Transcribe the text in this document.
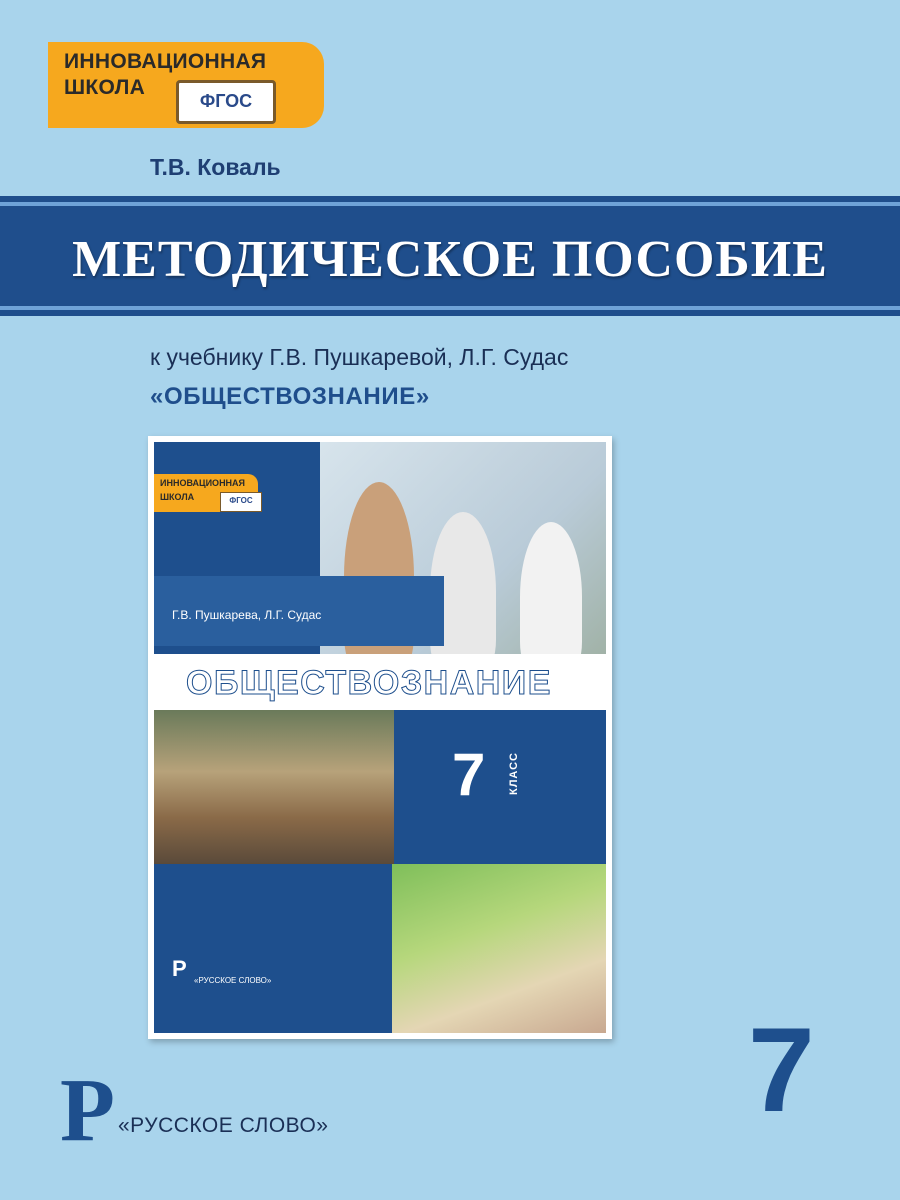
ИННОВАЦИОННАЯ
ШКОЛА
ФГОС
Т.В. Коваль
МЕТОДИЧЕСКОЕ ПОСОБИЕ
к учебнику Г.В. Пушкаревой, Л.Г. Судас
«ОБЩЕСТВОЗНАНИЕ»
ИННОВАЦИОННАЯ
ШКОЛА	ФГОС
Г.В. Пушкарева, Л.Г. Судас
ОБЩЕСТВОЗНАНИЕ
7 КЛАСС
Р «РУССКОЕ СЛОВО»
7
Р «РУССКОЕ СЛОВО»
